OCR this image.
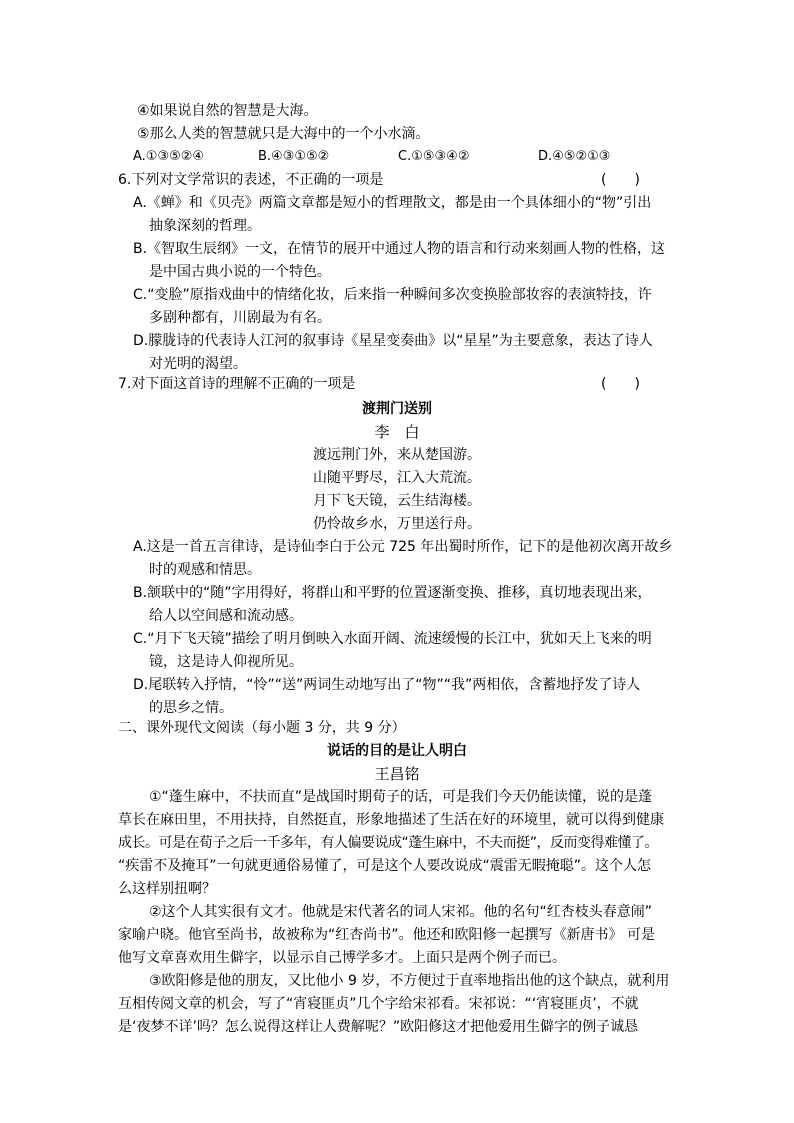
④如果说自然的智慧是大海。
⑤那么人类的智慧就只是大海中的一个小水滴。
A.①③⑤②④	B.④③①⑤②	C.①⑤③④②	D.④⑤②①③
6.下列对文学常识的表述，不正确的一项是	(　　)
A.《蝉》和《贝壳》两篇文章都是短小的哲理散文，都是由一个具体细小的“物”引出
抽象深刻的哲理。
B.《智取生辰纲》一文，在情节的展开中通过人物的语言和行动来刻画人物的性格，这
是中国古典小说的一个特色。
C.“变脸”原指戏曲中的情绪化妆，后来指一种瞬间多次变换脸部妆容的表演特技，许
多剧种都有，川剧最为有名。
D.朦胧诗的代表诗人江河的叙事诗《星星变奏曲》以“星星”为主要意象，表达了诗人
对光明的渴望。
7.对下面这首诗的理解不正确的一项是	(　　)
渡荆门送别
李　白
渡远荆门外，来从楚国游。
山随平野尽，江入大荒流。
月下飞天镜，云生结海楼。
仍怜故乡水，万里送行舟。
A.这是一首五言律诗，是诗仙李白于公元 725 年出蜀时所作，记下的是他初次离开故乡
时的观感和情思。
B.颔联中的“随”字用得好，将群山和平野的位置逐渐变换、推移，真切地表现出来，
给人以空间感和流动感。
C.“月下飞天镜”描绘了明月倒映入水面开阔、流速缓慢的长江中，犹如天上飞来的明
镜，这是诗人仰视所见。
D.尾联转入抒情，“怜”“送”两词生动地写出了“物”“我”两相依，含蓄地抒发了诗人
的思乡之情。
二、课外现代文阅读（每小题 3 分，共 9 分）
说话的目的是让人明白
王昌铭
①“蓬生麻中，不扶而直”是战国时期荀子的话，可是我们今天仍能读懂，说的是蓬
草长在麻田里，不用扶持，自然挺直，形象地描述了生活在好的环境里，就可以得到健康
成长。可是在荀子之后一千多年，有人偏要说成“蓬生麻中，不夫而挺”，反而变得难懂了。
“疾雷不及掩耳”一句就更通俗易懂了，可是这个人要改说成“震雷无暇掩聪”。这个人怎
么这样别扭啊？
②这个人其实很有文才。他就是宋代著名的词人宋祁。他的名句“红杏枝头春意闹”
家喻户晓。他官至尚书，故被称为“红杏尚书”。他还和欧阳修一起撰写《新唐书》 可是
他写文章喜欢用生僻字，以显示自己博学多才。上面只是两个例子而已。
③欧阳修是他的朋友，又比他小 9 岁，不方便过于直率地指出他的这个缺点，就利用
互相传阅文章的机会，写了“宵寝匪贞”几个字给宋祁看。宋祁说：“‘宵寝匪贞’，不就
是‘夜梦不详’吗？怎么说得这样让人费解呢？”欧阳修这才把他爱用生僻字的例子诚恳
